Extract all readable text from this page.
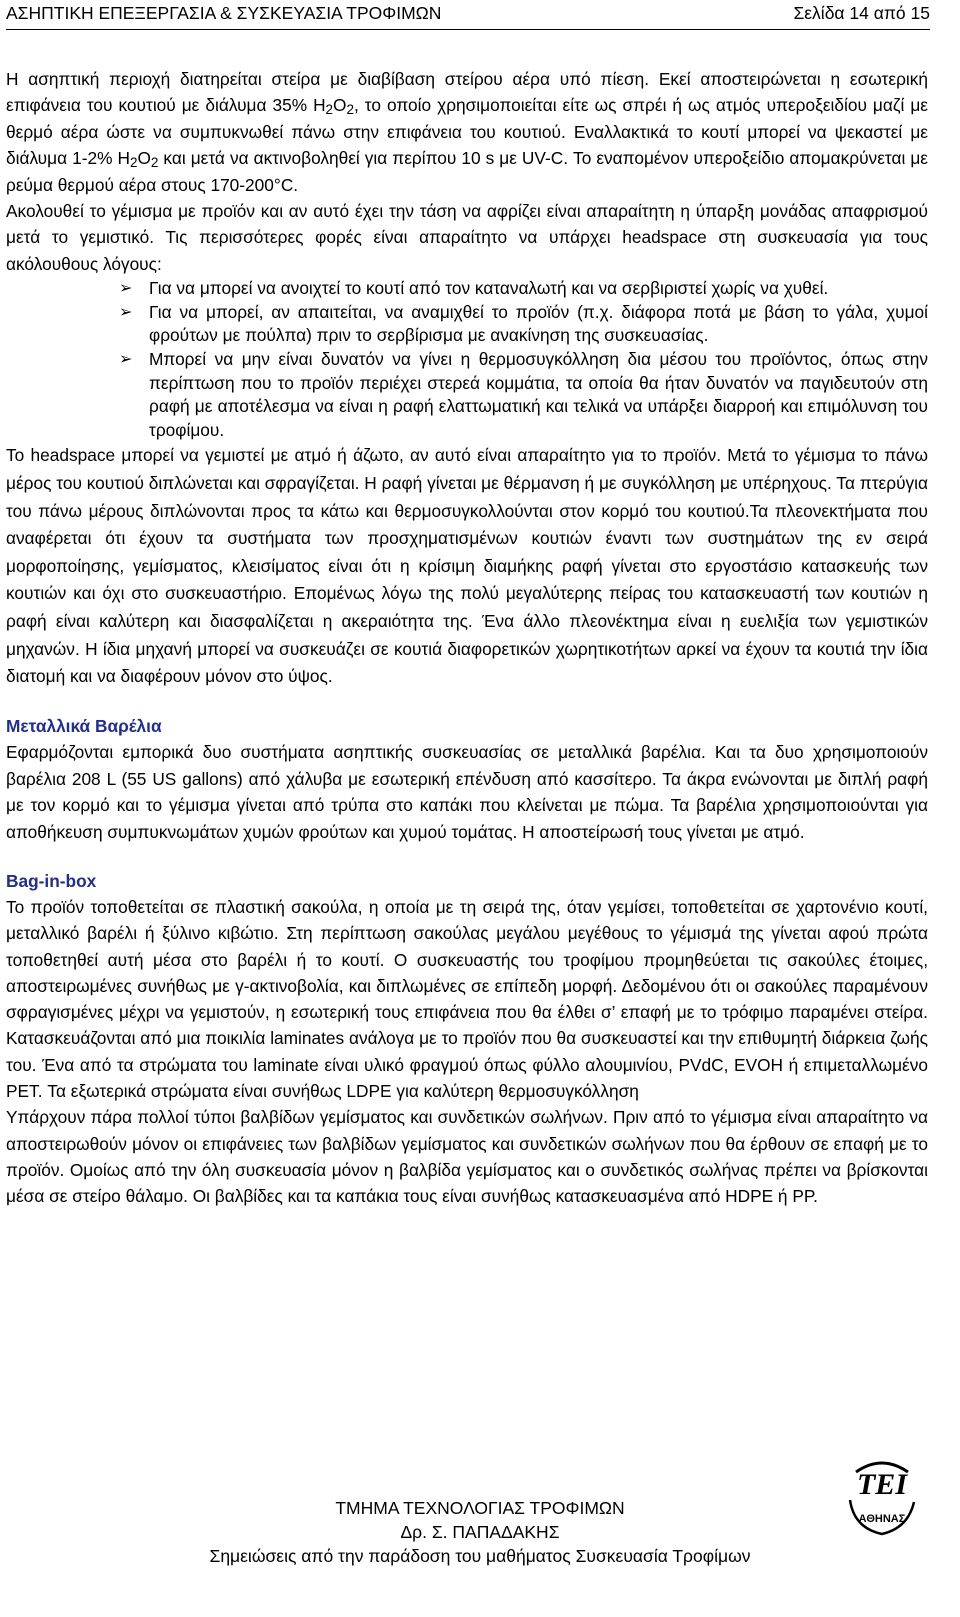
ΑΣΗΠΤΙΚΗ ΕΠΕΞΕΡΓΑΣΙΑ & ΣΥΣΚΕΥΑΣΙΑ ΤΡΟΦΙΜΩΝ	Σελίδα 14 από 15

Η ασηπτική περιοχή διατηρείται στείρα με διαβίβαση στείρου αέρα υπό πίεση. Εκεί αποστειρώνεται η εσωτερική επιφάνεια του κουτιού με διάλυμα 35% $H_2O_2$, το οποίο χρησιμοποιείται είτε ως σπρέι ή ως ατμός υπεροξειδίου μαζί με θερμό αέρα ώστε να συμπυκνωθεί πάνω στην επιφάνεια του κουτιού. Εναλλακτικά το κουτί μπορεί να ψεκαστεί με διάλυμα 1-2% $H_2O_2$ και μετά να ακτινοβοληθεί για περίπου 10 s με UV-C. Το εναπομένον υπεροξείδιο απομακρύνεται με ρεύμα θερμού αέρα στους 170-200°C.

Ακολουθεί το γέμισμα με προϊόν και αν αυτό έχει την τάση να αφρίζει είναι απαραίτητη η ύπαρξη μονάδας απαφρισμού μετά το γεμιστικό. Τις περισσότερες φορές είναι απαραίτητο να υπάρχει headspace στη συσκευασία για τους ακόλουθους λόγους:

➢ Για να μπορεί να ανοιχτεί το κουτί από τον καταναλωτή και να σερβιριστεί χωρίς να χυθεί.
➢ Για να μπορεί, αν απαιτείται, να αναμιχθεί το προϊόν (π.χ. διάφορα ποτά με βάση το γάλα, χυμοί φρούτων με πούλπα) πριν το σερβίρισμα με ανακίνηση της συσκευασίας.
➢ Μπορεί να μην είναι δυνατόν να γίνει η θερμοσυγκόλληση δια μέσου του προϊόντος, όπως στην περίπτωση που το προϊόν περιέχει στερεά κομμάτια, τα οποία θα ήταν δυνατόν να παγιδευτούν στη ραφή με αποτέλεσμα να είναι η ραφή ελαττωματική και τελικά να υπάρξει διαρροή και επιμόλυνση του τροφίμου.

Το headspace μπορεί να γεμιστεί με ατμό ή άζωτο, αν αυτό είναι απαραίτητο για το προϊόν. Μετά το γέμισμα το πάνω μέρος του κουτιού διπλώνεται και σφραγίζεται. Η ραφή γίνεται με θέρμανση ή με συγκόλληση με υπέρηχους. Τα πτερύγια του πάνω μέρους διπλώνονται προς τα κάτω και θερμοσυγκολλούνται στον κορμό του κουτιού.Τα πλεονεκτήματα που αναφέρεται ότι έχουν τα συστήματα των προσχηματισμένων κουτιών έναντι των συστημάτων της εν σειρά μορφοποίησης, γεμίσματος, κλεισίματος είναι ότι η κρίσιμη διαμήκης ραφή γίνεται στο εργοστάσιο κατασκευής των κουτιών και όχι στο συσκευαστήριο. Επομένως λόγω της πολύ μεγαλύτερης πείρας του κατασκευαστή των κουτιών η ραφή είναι καλύτερη και διασφαλίζεται η ακεραιότητα της. Ένα άλλο πλεονέκτημα είναι η ευελιξία των γεμιστικών μηχανών. Η ίδια μηχανή μπορεί να συσκευάζει σε κουτιά διαφορετικών χωρητικοτήτων αρκεί να έχουν τα κουτιά την ίδια διατομή και να διαφέρουν μόνον στο ύψος.

Μεταλλικά Βαρέλια

Εφαρμόζονται εμπορικά δυο συστήματα ασηπτικής συσκευασίας σε μεταλλικά βαρέλια. Και τα δυο χρησιμοποιούν βαρέλια 208 L (55 US gallons) από χάλυβα με εσωτερική επένδυση από κασσίτερο. Τα άκρα ενώνονται με διπλή ραφή με τον κορμό και το γέμισμα γίνεται από τρύπα στο καπάκι που κλείνεται με πώμα. Τα βαρέλια χρησιμοποιούνται για αποθήκευση συμπυκνωμάτων χυμών φρούτων και χυμού τομάτας. Η αποστείρωσή τους γίνεται με ατμό.

Bag-in-box

Το προϊόν τοποθετείται σε πλαστική σακούλα, η οποία με τη σειρά της, όταν γεμίσει, τοποθετείται σε χαρτονένιο κουτί, μεταλλικό βαρέλι ή ξύλινο κιβώτιο. Στη περίπτωση σακούλας μεγάλου μεγέθους το γέμισμά της γίνεται αφού πρώτα τοποθετηθεί αυτή μέσα στο βαρέλι ή το κουτί. Ο συσκευαστής του τροφίμου προμηθεύεται τις σακούλες έτοιμες, αποστειρωμένες συνήθως με γ-ακτινοβολία, και διπλωμένες σε επίπεδη μορφή. Δεδομένου ότι οι σακούλες παραμένουν σφραγισμένες μέχρι να γεμιστούν, η εσωτερική τους επιφάνεια που θα έλθει σ’ επαφή με το τρόφιμο παραμένει στείρα. Κατασκευάζονται από μια ποικιλία laminates ανάλογα με το προϊόν που θα συσκευαστεί και την επιθυμητή διάρκεια ζωής του. Ένα από τα στρώματα του laminate είναι υλικό φραγμού όπως φύλλο αλουμινίου, PVdC, EVOH ή επιμεταλλωμένο PET. Τα εξωτερικά στρώματα είναι συνήθως LDPE για καλύτερη θερμοσυγκόλληση

Υπάρχουν πάρα πολλοί τύποι βαλβίδων γεμίσματος και συνδετικών σωλήνων. Πριν από το γέμισμα είναι απαραίτητο να αποστειρωθούν μόνον οι επιφάνειες των βαλβίδων γεμίσματος και συνδετικών σωλήνων που θα έρθουν σε επαφή με το προϊόν. Ομοίως από την όλη συσκευασία μόνον η βαλβίδα γεμίσματος και ο συνδετικός σωλήνας πρέπει να βρίσκονται μέσα σε στείρο θάλαμο. Οι βαλβίδες και τα καπάκια τους είναι συνήθως κατασκευασμένα από HDPE ή PP.

ΤΜΗΜΑ ΤΕΧΝΟΛΟΓΙΑΣ ΤΡΟΦΙΜΩΝ
Δρ. Σ. ΠΑΠΑΔΑΚΗΣ
Σημειώσεις από την παράδοση του μαθήματος Συσκευασία Τροφίμων
ΤΕΙ
ΑΘΗΝΑΣ
